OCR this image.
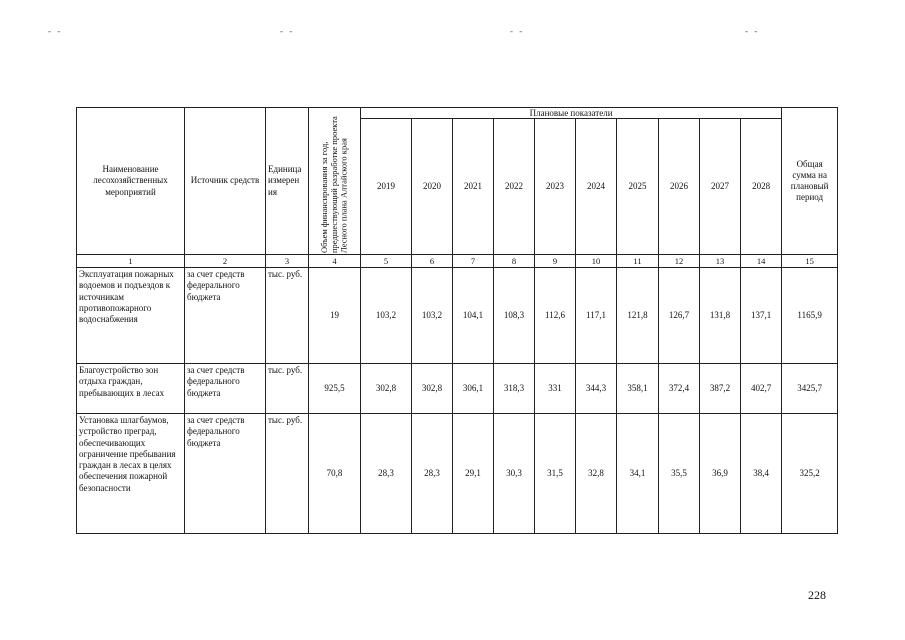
- -	- -	- -	- -
Наименование лесохозяйственных мероприятий	Источник средств	Единица измерен ия	Объем финансирования за год, предшествующий разработке проекта Лесного плана Алтайского края	Плановые показатели										Общая сумма на плановый период
				2019	2020	2021	2022	2023	2024	2025	2026	2027	2028	
1	2	3	4	5	6	7	8	9	10	11	12	13	14	15
Эксплуатация пожарных водоемов и подъездов к источникам противопожарного водоснабжения	за счет средств федерального бюджета	тыс. руб.	19	103,2	103,2	104,1	108,3	112,6	117,1	121,8	126,7	131,8	137,1	1165,9
Благоустройство зон отдыха граждан, пребывающих в лесах	за счет средств федерального бюджета	тыс. руб.	925,5	302,8	302,8	306,1	318,3	331	344,3	358,1	372,4	387,2	402,7	3425,7
Установка шлагбаумов, устройство преград, обеспечивающих ограничение пребывания граждан в лесах в целях обеспечения пожарной безопасности	за счет средств федерального бюджета	тыс. руб.	70,8	28,3	28,3	29,1	30,3	31,5	32,8	34,1	35,5	36,9	38,4	325,2
228
